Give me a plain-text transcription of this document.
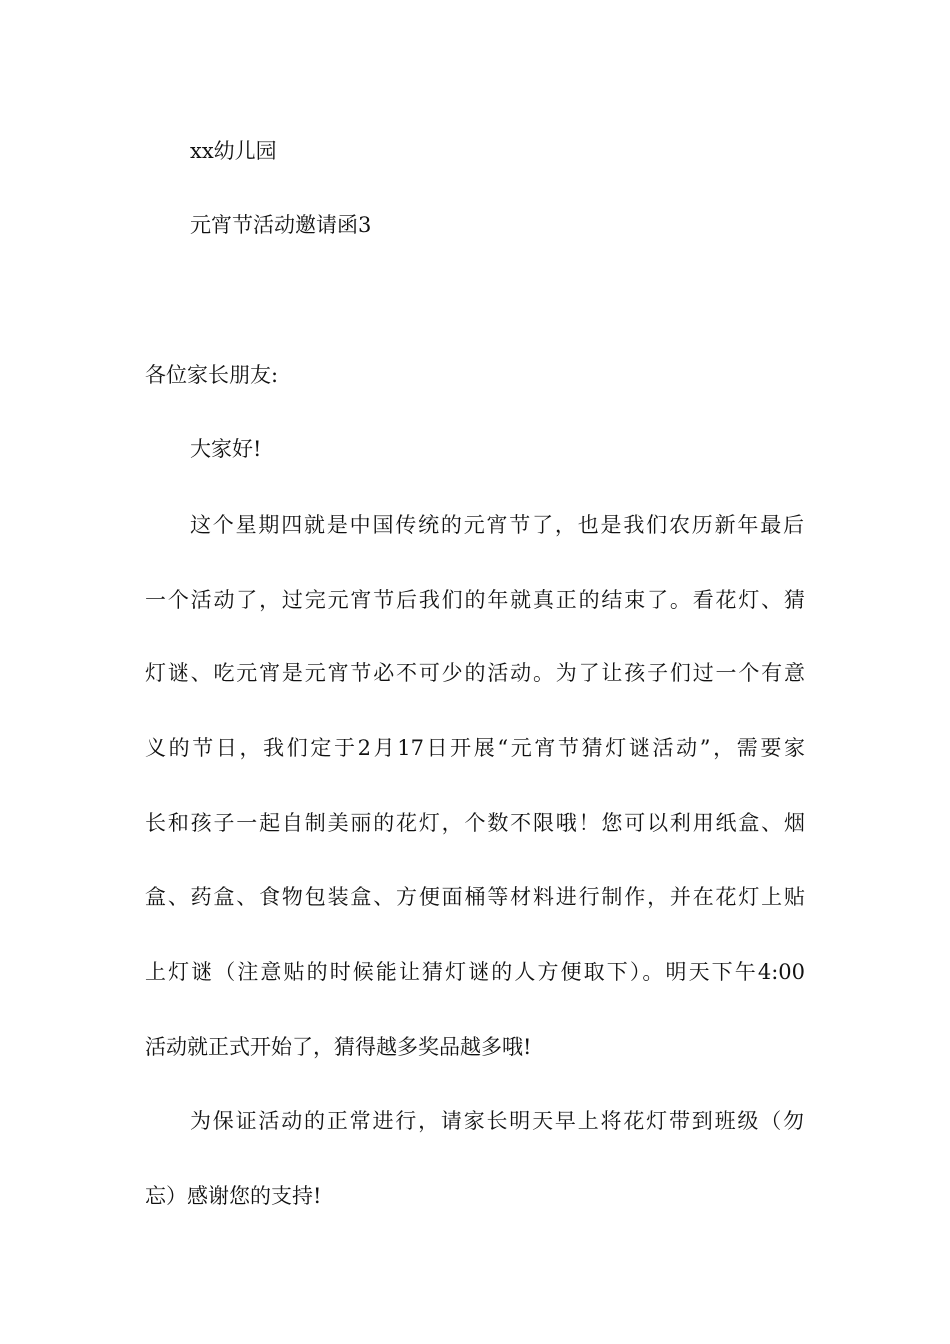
xx幼儿园

元宵节活动邀请函3

各位家长朋友:

大家好!

这个星期四就是中国传统的元宵节了，也是我们农历新年最后

一个活动了，过完元宵节后我们的年就真正的结束了。看花灯、猜

灯谜、吃元宵是元宵节必不可少的活动。为了让孩子们过一个有意

义的节日，我们定于2月17日开展“元宵节猜灯谜活动”，需要家

长和孩子一起自制美丽的花灯，个数不限哦！您可以利用纸盒、烟

盒、药盒、食物包装盒、方便面桶等材料进行制作，并在花灯上贴

上灯谜（注意贴的时候能让猜灯谜的人方便取下）。明天下午4:00

活动就正式开始了，猜得越多奖品越多哦!

为保证活动的正常进行，请家长明天早上将花灯带到班级（勿

忘）感谢您的支持!
